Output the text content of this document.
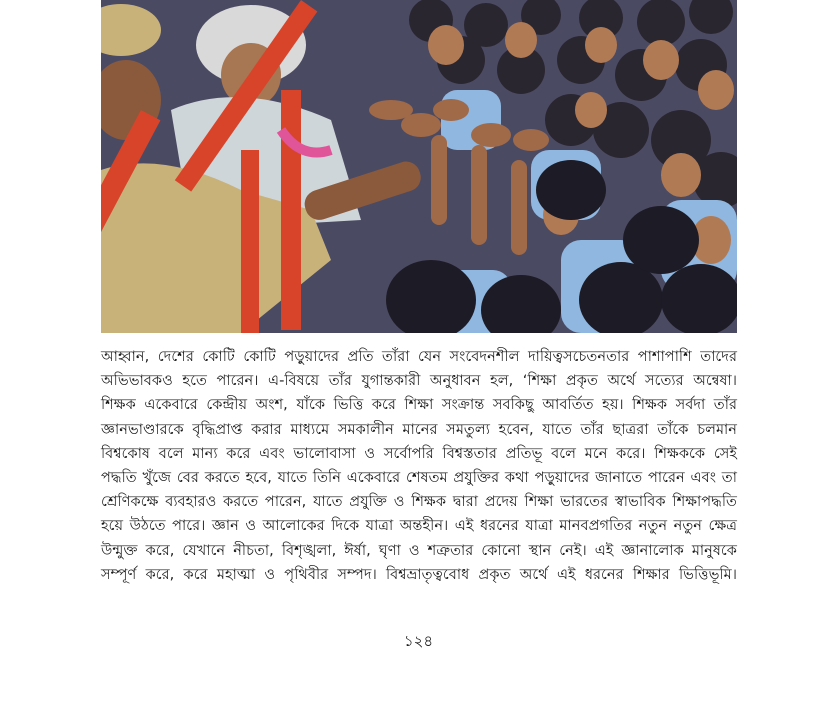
আহ্বান, দেশের কোটি কোটি পড়ুয়াদের প্রতি তাঁরা যেন সংবেদনশীল দায়িত্বসচেতনতার পাশাপাশি তাদের

অভিভাবকও হতে পারেন। এ-বিষয়ে তাঁর যুগান্তকারী অনুধাবন হল, ‘শিক্ষা প্রকৃত অর্থে সত্যের অন্বেষা।

শিক্ষক একেবারে কেন্দ্রীয় অংশ, যাঁকে ভিত্তি করে শিক্ষা সংক্রান্ত সবকিছু আবর্তিত হয়। শিক্ষক সর্বদা তাঁর

জ্ঞানভাণ্ডারকে বৃদ্ধিপ্রাপ্ত করার মাধ্যমে সমকালীন মানের সমতুল্য হবেন, যাতে তাঁর ছাত্ররা তাঁকে চলমান

বিশ্বকোষ বলে মান্য করে এবং ভালোবাসা ও সর্বোপরি বিশ্বস্ততার প্রতিভূ বলে মনে করে। শিক্ষককে সেই

পদ্ধতি খুঁজে বের করতে হবে, যাতে তিনি একেবারে শেষতম প্রযুক্তির কথা পড়ুয়াদের জানাতে পারেন এবং তা

শ্রেণিকক্ষে ব্যবহারও করতে পারেন, যাতে প্রযুক্তি ও শিক্ষক দ্বারা প্রদেয় শিক্ষা ভারতের স্বাভাবিক শিক্ষাপদ্ধতি

হয়ে উঠতে পারে। জ্ঞান ও আলোকের দিকে যাত্রা অন্তহীন। এই ধরনের যাত্রা মানবপ্রগতির নতুন নতুন ক্ষেত্র

উন্মুক্ত করে, যেখানে নীচতা, বিশৃঙ্খলা, ঈর্ষা, ঘৃণা ও শত্রুতার কোনো স্থান নেই। এই জ্ঞানালোক মানুষকে

সম্পূর্ণ করে, করে মহাত্মা ও পৃথিবীর সম্পদ। বিশ্বভ্রাতৃত্ববোধ প্রকৃত অর্থে এই ধরনের শিক্ষার ভিত্তিভূমি।

১২৪
